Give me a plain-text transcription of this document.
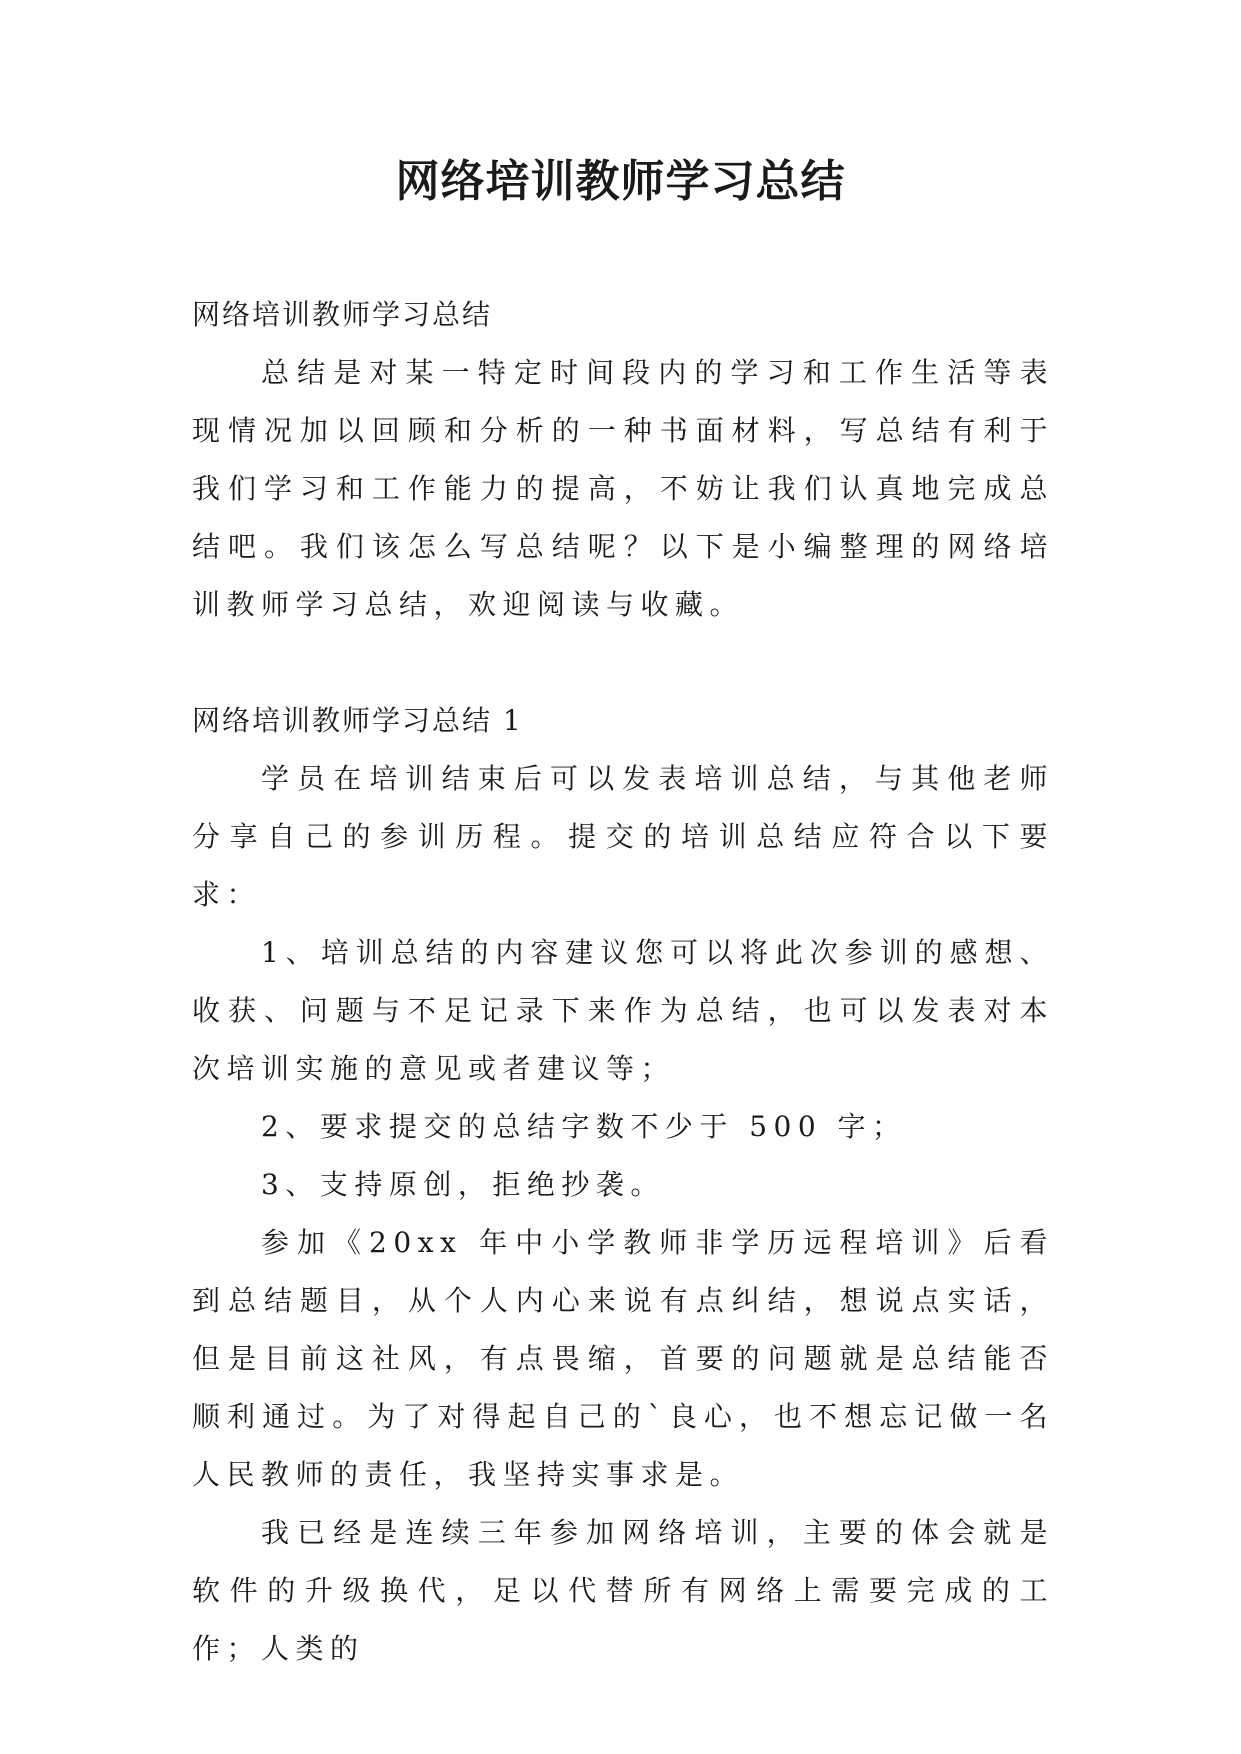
网络培训教师学习总结

网络培训教师学习总结

总结是对某一特定时间段内的学习和工作生活等表现情况加以回顾和分析的一种书面材料，写总结有利于我们学习和工作能力的提高，不妨让我们认真地完成总结吧。我们该怎么写总结呢？以下是小编整理的网络培训教师学习总结，欢迎阅读与收藏。

网络培训教师学习总结 1

学员在培训结束后可以发表培训总结，与其他老师分享自己的参训历程。提交的培训总结应符合以下要求：

1、培训总结的内容建议您可以将此次参训的感想、收获、问题与不足记录下来作为总结，也可以发表对本次培训实施的意见或者建议等；

2、要求提交的总结字数不少于 500 字；

3、支持原创，拒绝抄袭。

参加《20xx 年中小学教师非学历远程培训》后看到总结题目，从个人内心来说有点纠结，想说点实话，但是目前这社风，有点畏缩，首要的问题就是总结能否顺利通过。为了对得起自己的`良心，也不想忘记做一名人民教师的责任，我坚持实事求是。

我已经是连续三年参加网络培训，主要的体会就是软件的升级换代，足以代替所有网络上需要完成的工作；人类的
